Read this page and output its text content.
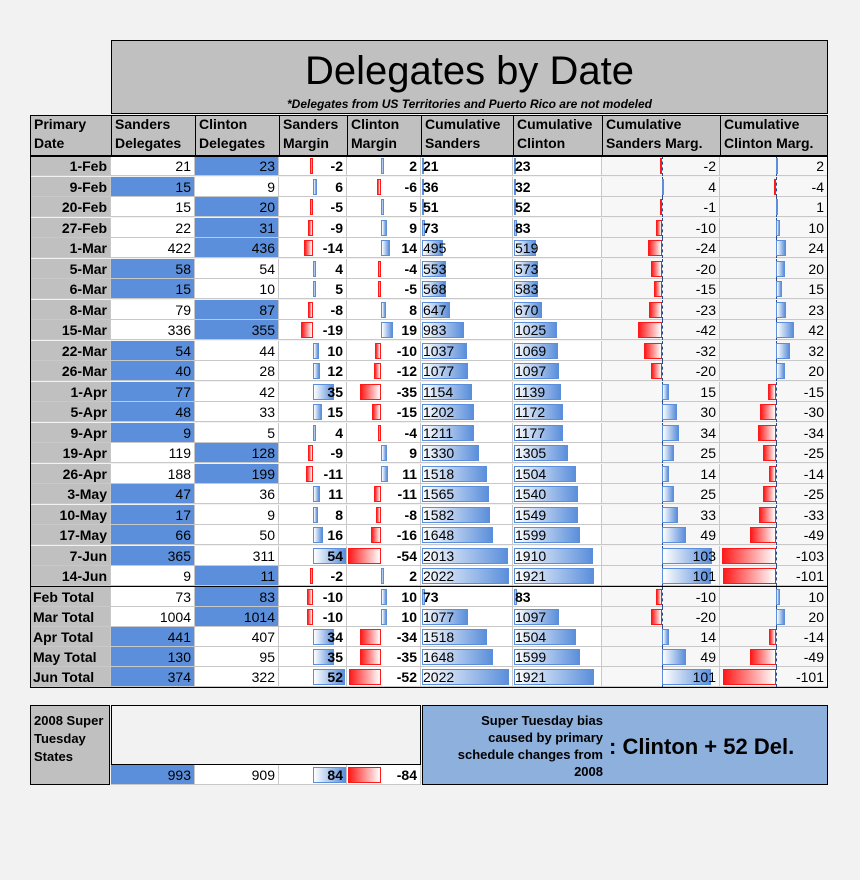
Delegates by Date
*Delegates from US Territories and Puerto Rico are not modeled
Primary
Date
Sanders
Delegates
Clinton
Delegates
Sanders
Margin
Clinton
Margin
Cumulative
Sanders
Cumulative
Clinton
Cumulative
Sanders Marg.
Cumulative
Clinton Marg.
1-Feb	21	23	-2	2 21	23	-2	2
9-Feb	15	9	6	-6 36	32	4	-4
20-Feb	15	20	-5	5 51	52	-1	1
27-Feb	22	31	-9	9 73	83	-10	10
1-Mar	422	436	-14	14 495	519	-24	24
5-Mar	58	54	4	-4 553	573	-20	20
6-Mar	15	10	5	-5 568	583	-15	15
8-Mar	79	87	-8	8 647	670	-23	23
15-Mar	336	355	-19	19 983	1025	-42	42
22-Mar	54	44	10	-10 1037	1069	-32	32
26-Mar	40	28	12	-12 1077	1097	-20	20
1-Apr	77	42	35	-35 1154	1139	15	-15
5-Apr	48	33	15	-15 1202	1172	30	-30
9-Apr	9	5	4	-4 1211	1177	34	-34
19-Apr	119	128	-9	9 1330	1305	25	-25
26-Apr	188	199	-11	11 1518	1504	14	-14
3-May	47	36	11	-11 1565	1540	25	-25
10-May	17	9	8	-8 1582	1549	33	-33
17-May	66	50	16	-16 1648	1599	49	-49
7-Jun	365	311	54	-54 2013	1910	103	-103
14-Jun	9	11	-2	2 2022	1921	101	-101
Feb Total	73	83	-10	10 73	83	-10	10
Mar Total	1004	1014	-10	10 1077	1097	-20	20
Apr Total	441	407	34	-34 1518	1504	14	-14
May Total	130	95	35	-35 1648	1599	49	-49
Jun Total	374	322	52	-52 2022	1921	101	-101
2008 Super
Tuesday
States
993	909	84	-84
Super Tuesday bias
caused by primary
schedule changes from
2008
: Clinton + 52 Del.
